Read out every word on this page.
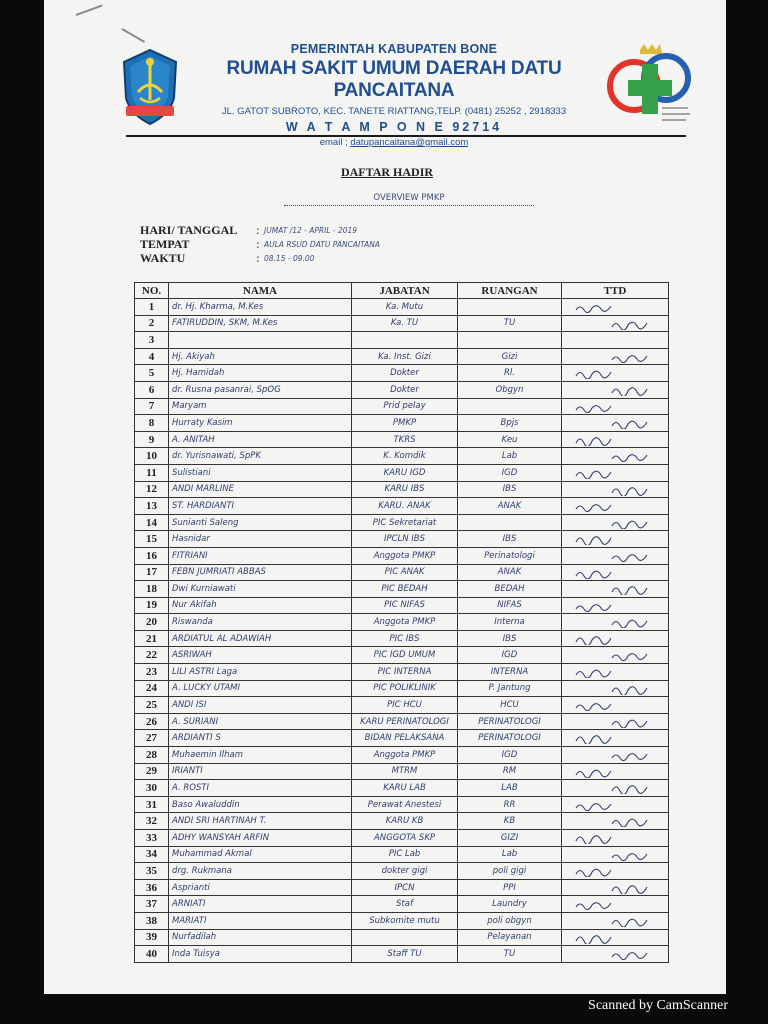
PEMERINTAH KABUPATEN BONE
RUMAH SAKIT UMUM DAERAH DATU PANCAITANA
JL. GATOT SUBROTO, KEC. TANETE RIATTANG,TELP. (0481) 25252 , 2918333
W A T A M P O N E 92714
email ; datupancaitana@gmail.com
DAFTAR HADIR
OVERVIEW PMKP
HARI/ TANGGAL	: JUMAT /12 - APRIL - 2019
TEMPAT	: AULA RSUD DATU PANCAITANA
WAKTU	: 08.15 - 09.00
NO.	NAMA	JABATAN	RUANGAN	TTD
1	dr. Hj. Kharma, M.Kes	Ka. Mutu		

2	FATIRUDDIN, SKM, M.Kes	Ka. TU	TU	

3				
4	Hj. Akiyah	Ka. Inst. Gizi	Gizi	

5	Hj. Hamidah	Dokter	Rl.	

6	dr. Rusna pasanrai, SpOG	Dokter	Obgyn	

7	Maryam	Prid pelay		

8	Hurraty Kasim	PMKP	Bpjs	

9	A. ANITAH	TKRS	Keu	

10	dr. Yurisnawati, SpPK	K. Komdik	Lab	

11	Sulistiani	KARU IGD	IGD	

12	ANDI MARLINE	KARU IBS	IBS	

13	ST. HARDIANTI	KARU. ANAK	ANAK	

14	Sunianti Saleng	PIC Sekretariat		

15	Hasnidar	IPCLN IBS	IBS	

16	FITRIANI	Anggota PMKP	Perinatologi	

17	FEBN JUMRIATI ABBAS	PIC ANAK	ANAK	

18	Dwi Kurniawati	PIC BEDAH	BEDAH	

19	Nur Akifah	PIC NIFAS	NIFAS	

20	Riswanda	Anggota PMKP	Interna	

21	ARDIATUL AL ADAWIAH	PIC IBS	IBS	

22	ASRIWAH	PIC IGD UMUM	IGD	

23	LILI ASTRI Laga	PIC INTERNA	INTERNA	

24	A. LUCKY UTAMI	PIC POLIKLINIK	P. Jantung	

25	ANDI ISI	PIC HCU	HCU	

26	A. SURIANI	KARU PERINATOLOGI	PERINATOLOGI	

27	ARDIANTI S	BIDAN PELAKSANA	PERINATOLOGI	

28	Muhaemin Ilham	Anggota PMKP	IGD	

29	IRIANTI	MTRM	RM	

30	A. ROSTI	KARU LAB	LAB	

31	Baso Awaluddin	Perawat Anestesi	RR	

32	ANDI SRI HARTINAH T.	KARU KB	KB	

33	ADHY WANSYAH ARFIN	ANGGOTA SKP	GIZI	

34	Muhammad Akmal	PIC Lab	Lab	

35	drg. Rukmana	dokter gigi	poli gigi	

36	Asprianti	IPCN	PPI	

37	ARNIATI	Staf	Laundry	

38	MARIATI	Subkomite mutu	poli obgyn	

39	Nurfadilah		Pelayanan	

40	Inda Tuisya	Staff TU	TU	
Scanned by CamScanner
